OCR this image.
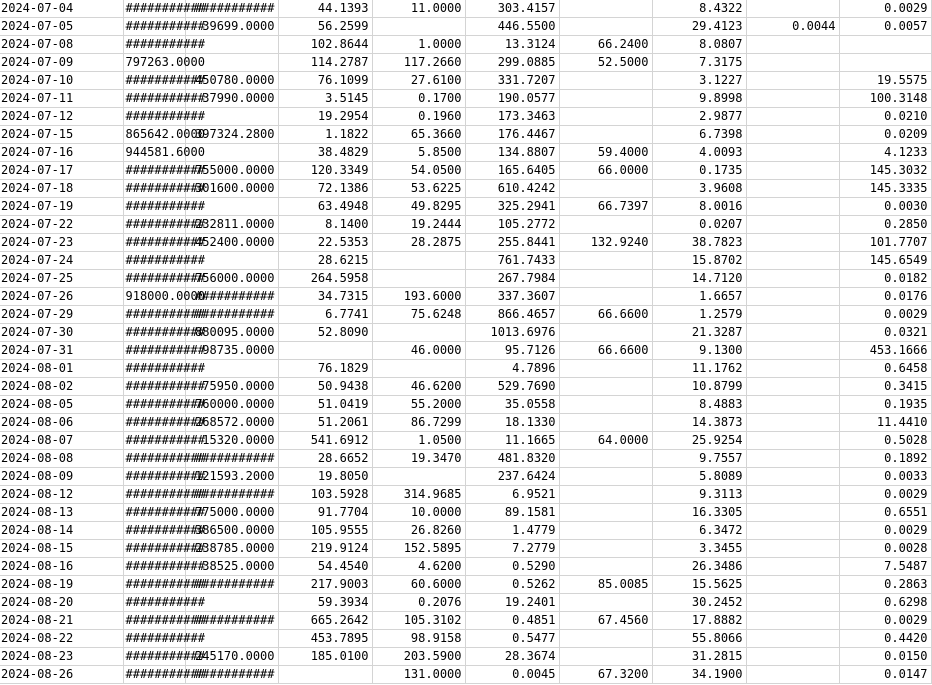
2024-07-04	###########	###########	44.1393	11.0000	303.4157		8.4322		0.0029
2024-07-05	###########	39699.0000	56.2599		446.5500		29.4123	0.0044	0.0057
2024-07-08	###########		102.8644	1.0000	13.3124	66.2400	8.0807		
2024-07-09	797263.0000		114.2787	117.2660	299.0885	52.5000	7.3175		
2024-07-10	###########	450780.0000	76.1099	27.6100	331.7207		3.1227		19.5575
2024-07-11	###########	37990.0000	3.5145	0.1700	190.0577		9.8998		100.3148
2024-07-12	###########		19.2954	0.1960	173.3463		2.9877		0.0210
2024-07-15	865642.0000	397324.2800	1.1822	65.3660	176.4467		6.7398		0.0209
2024-07-16	944581.6000		38.4829	5.8500	134.8807	59.4000	4.0093		4.1233
2024-07-17	###########	755000.0000	120.3349	54.0500	165.6405	66.0000	0.1735		145.3032
2024-07-18	###########	301600.0000	72.1386	53.6225	610.4242		3.9608		145.3335
2024-07-19	###########		63.4948	49.8295	325.2941	66.7397	8.0016		0.0030
2024-07-22	###########	232811.0000	8.1400	19.2444	105.2772		0.0207		0.2850
2024-07-23	###########	452400.0000	22.5353	28.2875	255.8441	132.9240	38.7823		101.7707
2024-07-24	###########		28.6215		761.7433		15.8702		145.6549
2024-07-25	###########	756000.0000	264.5958		267.7984		14.7120		0.0182
2024-07-26	918000.0000	###########	34.7315	193.6000	337.3607		1.6657		0.0176
2024-07-29	###########	###########	6.7741	75.6248	866.4657	66.6600	1.2579		0.0029
2024-07-30	###########	880095.0000	52.8090		1013.6976		21.3287		0.0321
2024-07-31	###########	98735.0000		46.0000	95.7126	66.6600	9.1300		453.1666
2024-08-01	###########		76.1829		4.7896		11.1762		0.6458
2024-08-02	###########	75950.0000	50.9438	46.6200	529.7690		10.8799		0.3415
2024-08-05	###########	760000.0000	51.0419	55.2000	35.0558		8.4883		0.1935
2024-08-06	###########	268572.0000	51.2061	86.7299	18.1330		14.3873		11.4410
2024-08-07	###########	15320.0000	541.6912	1.0500	11.1665	64.0000	25.9254		0.5028
2024-08-08	###########	###########	28.6652	19.3470	481.8320		9.7557		0.1892
2024-08-09	###########	121593.2000	19.8050		237.6424		5.8089		0.0033
2024-08-12	###########	###########	103.5928	314.9685	6.9521		9.3113		0.0029
2024-08-13	###########	775000.0000	91.7704	10.0000	89.1581		16.3305		0.6551
2024-08-14	###########	386500.0000	105.9555	26.8260	1.4779		6.3472		0.0029
2024-08-15	###########	238785.0000	219.9124	152.5895	7.2779		3.3455		0.0028
2024-08-16	###########	38525.0000	54.4540	4.6200	0.5290		26.3486		7.5487
2024-08-19	###########	###########	217.9003	60.6000	0.5262	85.0085	15.5625		0.2863
2024-08-20	###########		59.3934	0.2076	19.2401		30.2452		0.6298
2024-08-21	###########	###########	665.2642	105.3102	0.4851	67.4560	17.8882		0.0029
2024-08-22	###########		453.7895	98.9158	0.5477		55.8066		0.4420
2024-08-23	###########	245170.0000	185.0100	203.5900	28.3674		31.2815		0.0150
2024-08-26	###########	###########		131.0000	0.0045	67.3200	34.1900		0.0147
